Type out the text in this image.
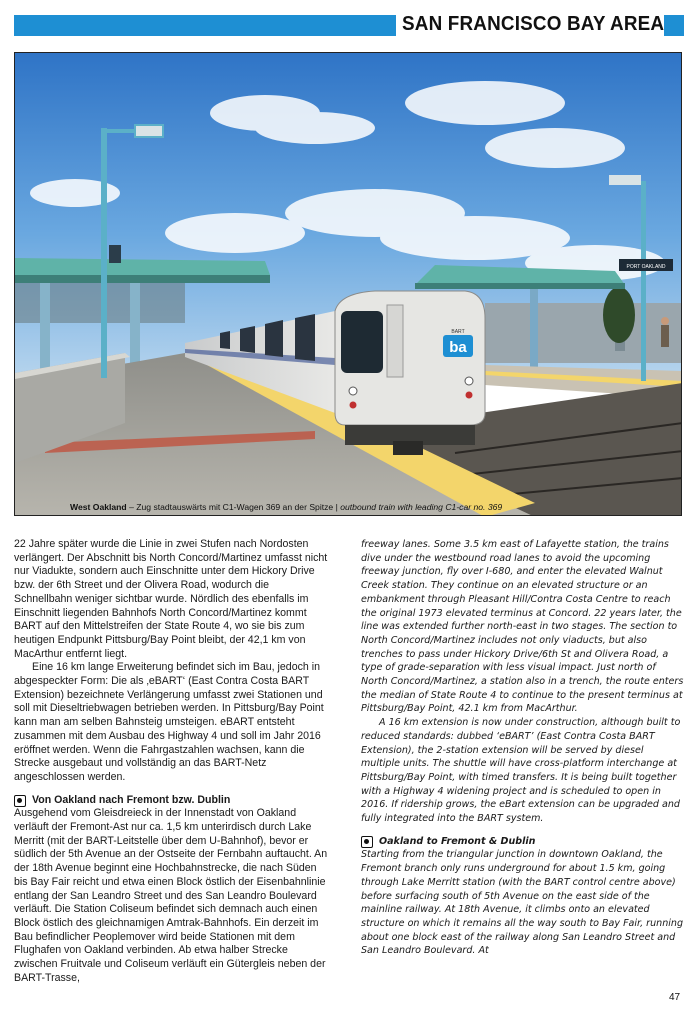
SAN FRANCISCO BAY AREA
PORT OAKLAND
ba
BART
West Oakland – Zug stadtauswärts mit C1-Wagen 369 an der Spitze | outbound train with leading C1-car no. 369
22 Jahre später wurde die Linie in zwei Stufen nach Nordosten verlängert. Der Abschnitt bis North Concord/Martinez umfasst nicht nur Viadukte, sondern auch Einschnitte unter dem Hickory Drive bzw. der 6th Street und der Olivera Road, wodurch die Schnellbahn weniger sichtbar wurde. Nördlich des ebenfalls im Einschnitt liegenden Bahnhofs North Concord/Martinez kommt BART auf den Mittelstreifen der State Route 4, wo sie bis zum heutigen Endpunkt Pittsburg/Bay Point bleibt, der 42,1 km von MacArthur entfernt liegt.
Eine 16 km lange Erweiterung befindet sich im Bau, jedoch in abgespeckter Form: Die als ‚eBART‘ (East Contra Costa BART Extension) bezeichnete Verlängerung umfasst zwei Stationen und soll mit Dieseltriebwagen betrieben werden. In Pittsburg/Bay Point kann man am selben Bahnsteig umsteigen. eBART entsteht zusammen mit dem Ausbau des Highway 4 und soll im Jahr 2016 eröffnet werden. Wenn die Fahrgastzahlen wachsen, kann die Strecke ausgebaut und vollständig an das BART-Netz angeschlossen werden.
Von Oakland nach Fremont bzw. Dublin
Ausgehend vom Gleisdreieck in der Innenstadt von Oakland verläuft der Fremont-Ast nur ca. 1,5 km unterirdisch durch Lake Merritt (mit der BART-Leitstelle über dem U-Bahnhof), bevor er südlich der 5th Avenue an der Ostseite der Fernbahn auftaucht. An der 18th Avenue beginnt eine Hochbahnstrecke, die nach Süden bis Bay Fair reicht und etwa einen Block östlich der Eisenbahnlinie entlang der San Leandro Street und des San Leandro Boulevard verläuft. Die Station Coliseum befindet sich demnach auch einen Block östlich des gleichnamigen Amtrak-Bahnhofs. Ein derzeit im Bau befindlicher Peoplemover wird beide Stationen mit dem Flughafen von Oakland verbinden. Ab etwa halber Strecke zwischen Fruitvale und Coliseum verläuft ein Gütergleis neben der BART-Trasse,
freeway lanes. Some 3.5 km east of Lafayette station, the trains dive under the westbound road lanes to avoid the upcoming freeway junction, fly over I-680, and enter the elevated Walnut Creek station. They continue on an elevated structure or an embankment through Pleasant Hill/Contra Costa Centre to reach the original 1973 elevated terminus at Concord. 22 years later, the line was extended further north-east in two stages. The section to North Concord/Martinez includes not only viaducts, but also trenches to pass under Hickory Drive/6th St and Olivera Road, a type of grade-separation with less visual impact. Just north of North Concord/Martinez, a station also in a trench, the route enters the median of State Route 4 to continue to the present terminus at Pittsburg/Bay Point, 42.1 km from MacArthur.
A 16 km extension is now under construction, although built to reduced standards: dubbed ‘eBART’ (East Contra Costa BART Extension), the 2-station extension will be served by diesel multiple units. The shuttle will have cross-platform interchange at Pittsburg/Bay Point, with timed transfers. It is being built together with a Highway 4 widening project and is scheduled to open in 2016. If ridership grows, the eBart extension can be upgraded and fully integrated into the BART system.
Oakland to Fremont & Dublin
Starting from the triangular junction in downtown Oakland, the Fremont branch only runs underground for about 1.5 km, going through Lake Merritt station (with the BART control centre above) before surfacing south of 5th Avenue on the east side of the mainline railway. At 18th Avenue, it climbs onto an elevated structure on which it remains all the way south to Bay Fair, running about one block east of the railway along San Leandro Street and San Leandro Boulevard. At
47
